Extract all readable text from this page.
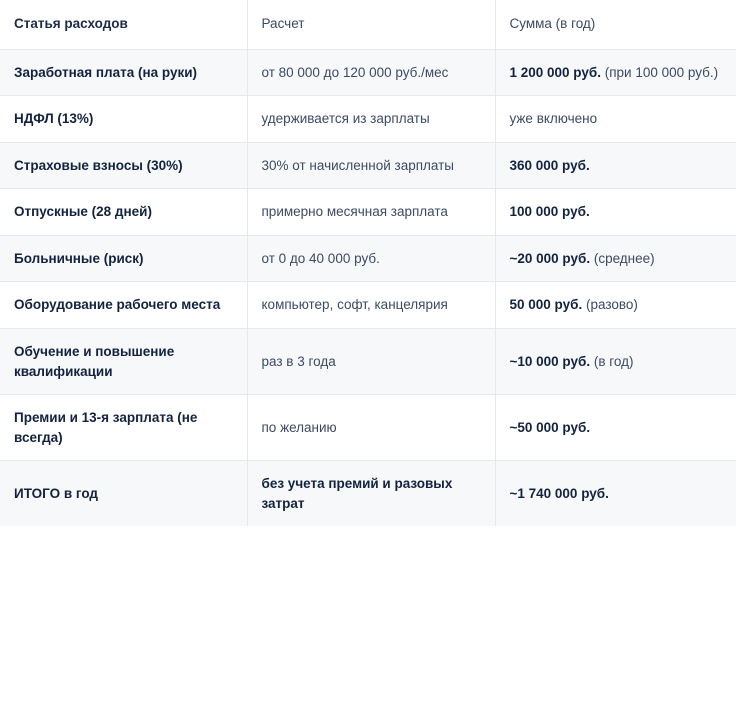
Статья расходов	Расчет	Сумма (в год)
Заработная плата (на руки)	от 80 000 до 120 000 руб./мес	1 200 000 руб. (при 100 000 руб.)
НДФЛ (13%)	удерживается из зарплаты	уже включено
Страховые взносы (30%)	30% от начисленной зарплаты	360 000 руб.
Отпускные (28 дней)	примерно месячная зарплата	100 000 руб.
Больничные (риск)	от 0 до 40 000 руб.	~20 000 руб. (среднее)
Оборудование рабочего места	компьютер, софт, канцелярия	50 000 руб. (разово)
Обучение и повышение квалификации	раз в 3 года	~10 000 руб. (в год)
Премии и 13-я зарплата (не всегда)	по желанию	~50 000 руб.
ИТОГО в год	без учета премий и разовых затрат	~1 740 000 руб.
